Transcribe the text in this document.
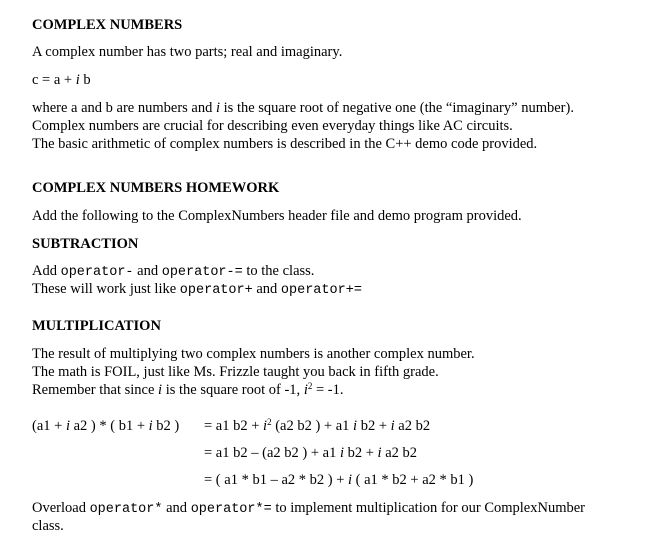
COMPLEX NUMBERS
A complex number has two parts; real and imaginary.
c = a + i b
where a and b are numbers and i is the square root of negative one (the “imaginary” number).
Complex numbers are crucial for describing even everyday things like AC circuits.
The basic arithmetic of complex numbers is described in the C++ demo code provided.
COMPLEX NUMBERS HOMEWORK
Add the following to the ComplexNumbers header file and demo program provided.
SUBTRACTION
Add operator- and operator-= to the class.
These will work just like operator+ and operator+=
MULTIPLICATION
The result of multiplying two complex numbers is another complex number.
The math is FOIL, just like Ms. Frizzle taught you back in fifth grade.
Remember that since i is the square root of -1, $i^2 = -1$.
(a1 + i a2 ) * ( b1 + i b2 ) = a1 $b2 + i^2$ (a2 b2 ) + a1 i b2 + i a2 b2
= a1 b2 – (a2 b2 ) + a1 i b2 + i a2 b2
= ( a1 * b1 – a2 * b2 ) + i ( a1 * b2 + a2 * b1 )
Overload operator* and operator*= to implement multiplication for our ComplexNumber
class.
